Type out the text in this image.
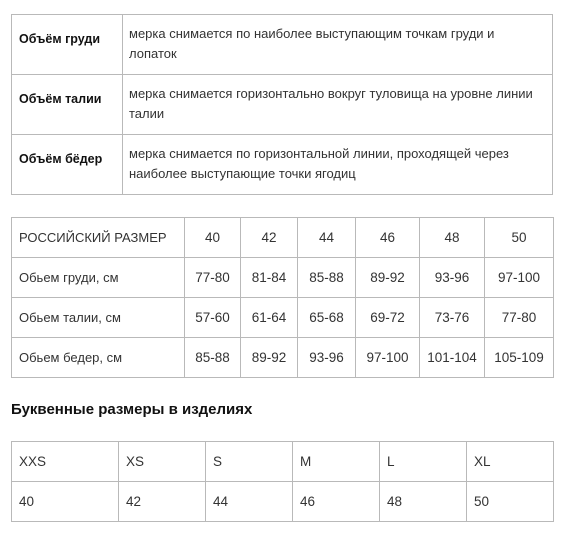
Объём груди	мерка снимается по наиболее выступающим точкам груди и лопаток
Объём талии	мерка снимается горизонтально вокруг туловища на уровне линии талии
Объём бёдер	мерка снимается по горизонтальной линии, проходящей через наиболее выступающие точки ягодиц
РОССИЙСКИЙ РАЗМЕР	40	42	44	46	48	50
Обьем груди, см	77-80	81-84	85-88	89-92	93-96	97-100
Обьем талии, см	57-60	61-64	65-68	69-72	73-76	77-80
Обьем бедер, см	85-88	89-92	93-96	97-100	101-104	105-109
Буквенные размеры в изделиях
XXS	XS	S	M	L	XL
40	42	44	46	48	50
